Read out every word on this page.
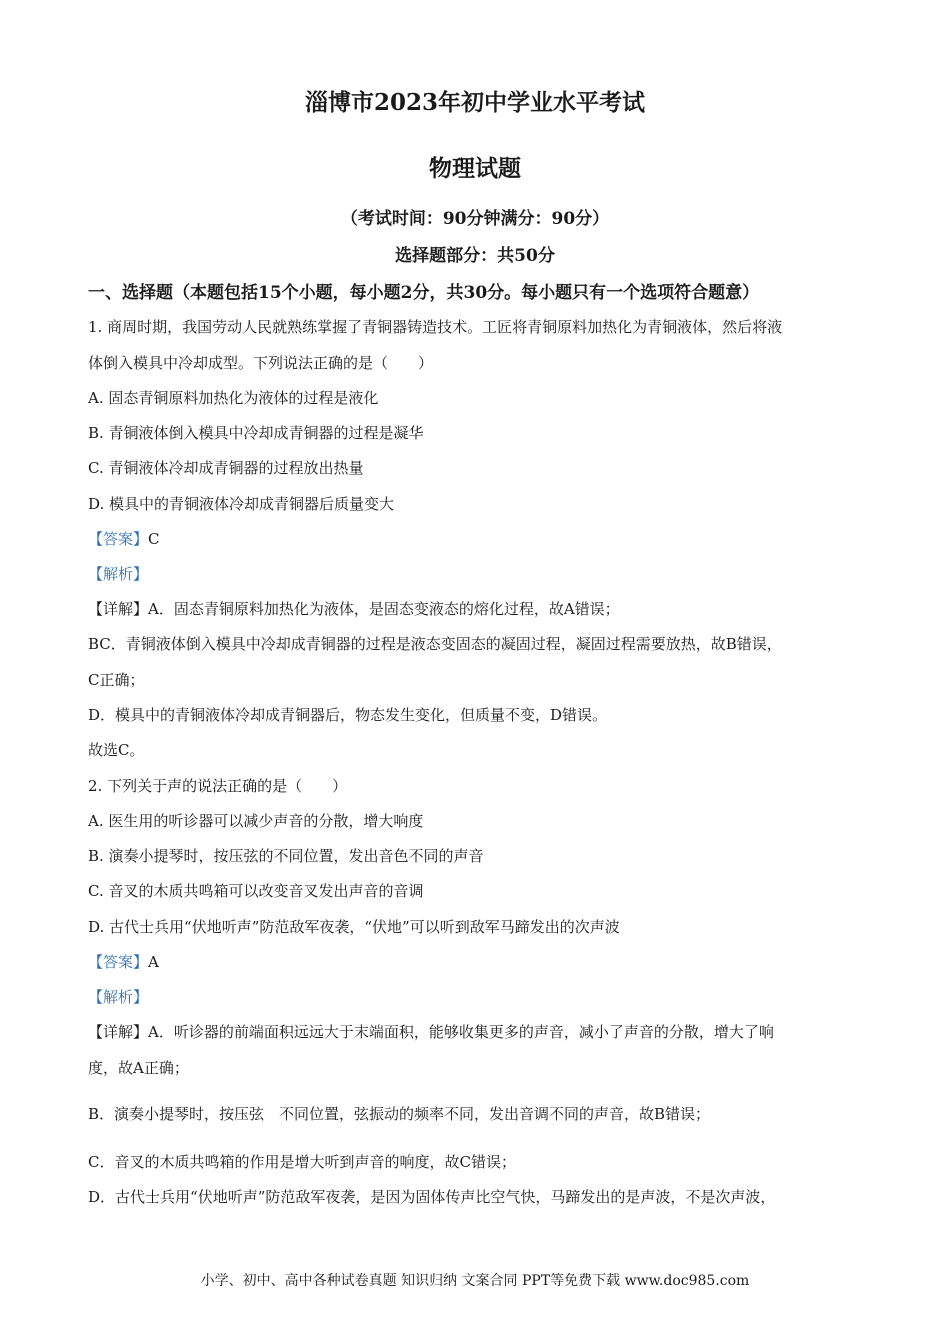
淄博市2023年初中学业水平考试
物理试题
（考试时间：90分钟满分：90分）
选择题部分：共50分
一、选择题（本题包括15个小题，每小题2分，共30分。每小题只有一个选项符合题意）
1. 商周时期，我国劳动人民就熟练掌握了青铜器铸造技术。工匠将青铜原料加热化为青铜液体，然后将液
体倒入模具中冷却成型。下列说法正确的是（　　）
A. 固态青铜原料加热化为液体的过程是液化
B. 青铜液体倒入模具中冷却成青铜器的过程是凝华
C. 青铜液体冷却成青铜器的过程放出热量
D. 模具中的青铜液体冷却成青铜器后质量变大
【答案】C
【解析】
【详解】A．固态青铜原料加热化为液体，是固态变液态的熔化过程，故A错误；
BC．青铜液体倒入模具中冷却成青铜器的过程是液态变固态的凝固过程，凝固过程需要放热，故B错误，
C正确；
D．模具中的青铜液体冷却成青铜器后，物态发生变化，但质量不变，D错误。
故选C。
2. 下列关于声的说法正确的是（　　）
A. 医生用的听诊器可以减少声音的分散，增大响度
B. 演奏小提琴时，按压弦的不同位置，发出音色不同的声音
C. 音叉的木质共鸣箱可以改变音叉发出声音的音调
D. 古代士兵用“伏地听声”防范敌军夜袭，“伏地”可以听到敌军马蹄发出的次声波
【答案】A
【解析】
【详解】A．听诊器的前端面积远远大于末端面积，能够收集更多的声音，减小了声音的分散，增大了响
度，故A正确；
B．演奏小提琴时，按压弦　不同位置，弦振动的频率不同，发出音调不同的声音，故B错误；
C．音叉的木质共鸣箱的作用是增大听到声音的响度，故C错误；
D．古代士兵用“伏地听声”防范敌军夜袭，是因为固体传声比空气快，马蹄发出的是声波，不是次声波，
小学、初中、高中各种试卷真题 知识归纳 文案合同 PPT等免费下载 www.doc985.com
